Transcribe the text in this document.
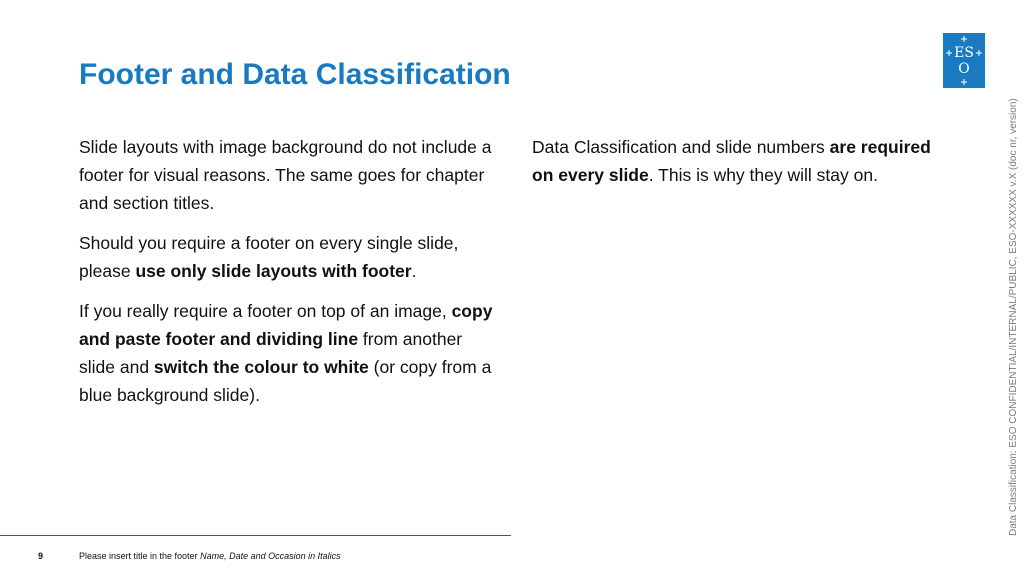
Footer and Data Classification
ES
O

Slide layouts with image background do not include a footer for visual reasons. The same goes for chapter and section titles.

Should you require a footer on every single slide, please use only slide layouts with footer.

If you really require a footer on top of an image, copy and paste footer and dividing line from another slide and switch the colour to white (or copy from a blue background slide).

Data Classification and slide numbers are required on every slide. This is why they will stay on.	Data Classification: ESO CONFIDENTIAL/INTERNAL/PUBLIC, ESO-XXXXXX v.X (doc nr, version)
9	Please insert title in the footer Name, Date and Occasion in Italics
